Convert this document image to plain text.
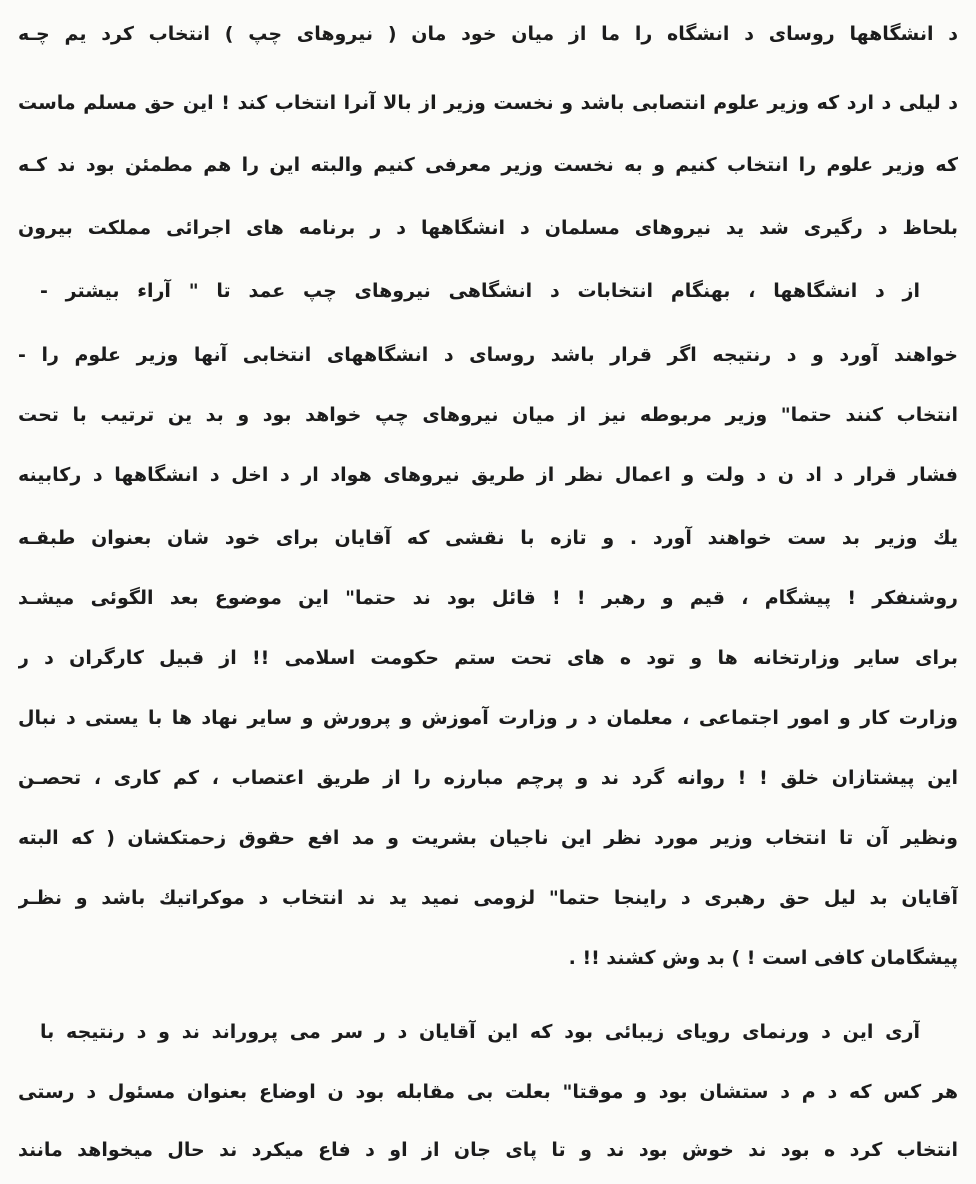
د انشگاهها روسای د انشگاه را ما از میان خود مان ( نیروهای چپ ) انتخاب کرد یم چـه
د لیلی د ارد که وزیر علوم انتصابی باشد و نخست وزیر از بالا آنرا انتخاب کند ! این حق مسلم ماست
که وزیر علوم را انتخاب کنیم و به نخست وزیر معرفی کنیم والبته این را هم مطمئن بود ند کـه
بلحاظ د رگیری شد ید نیروهای مسلمان د انشگاهها د ر برنامه های اجرائی مملکت بیرون
از د انشگاهها ، بهنگام انتخابات د انشگاهی نیروهای چپ عمد تا " آراء بیشتر -
خواهند آورد و د رنتیجه اگر قرار باشد روسای د انشگاههای انتخابی آنها وزیر علوم را -
انتخاب کنند حتما" وزیر مربوطه نیز از میان نیروهای چپ خواهد بود و بد ین ترتیب با تحت
فشار قرار د اد ن د ولت و اعمال نظر از طریق نیروهای هواد ار د اخل د انشگاهها د رکابینه
یك وزیر بد ست خواهند آورد . و تازه با نقشی که آقایان برای خود شان بعنوان طبقـه
روشنفکر ! پیشگام ، قیم و رهبر ! ! قائل بود ند حتما" این موضوع بعد الگوئی میشـد
برای سایر وزارتخانه ها و تود ه های تحت ستم حکومت اسلامی !! از قبیل کارگران د ر
وزارت کار و امور اجتماعی ، معلمان د ر وزارت آموزش و پرورش و سایر نهاد ها با یستی د نبال
این پیشتازان خلق ! ! روانه گرد ند و پرچم مبارزه را از طریق اعتصاب ، کم کاری ، تحصـن
ونظیر آن تا انتخاب وزیر مورد نظر این ناجیان بشریت و مد افع حقوق زحمتکشان ( که البته
آقایان بد لیل حق رهبری د راینجا حتما" لزومی نمید ید ند انتخاب د موکراتیك باشد و نظـر
پیشگامان کافی است ! ) بد وش کشند !! .
آری این د ورنمای رویای زیبائی بود که این آقایان د ر سر می پروراند ند و د رنتیجه با
هر کس که د م د ستشان بود و موقتا" بعلت بی مقابله بود ن اوضاع بعنوان مسئول د رستی
انتخاب کرد ه بود ند خوش بود ند و تا پای جان از او د فاع میکرد ند حال میخواهد مانند
